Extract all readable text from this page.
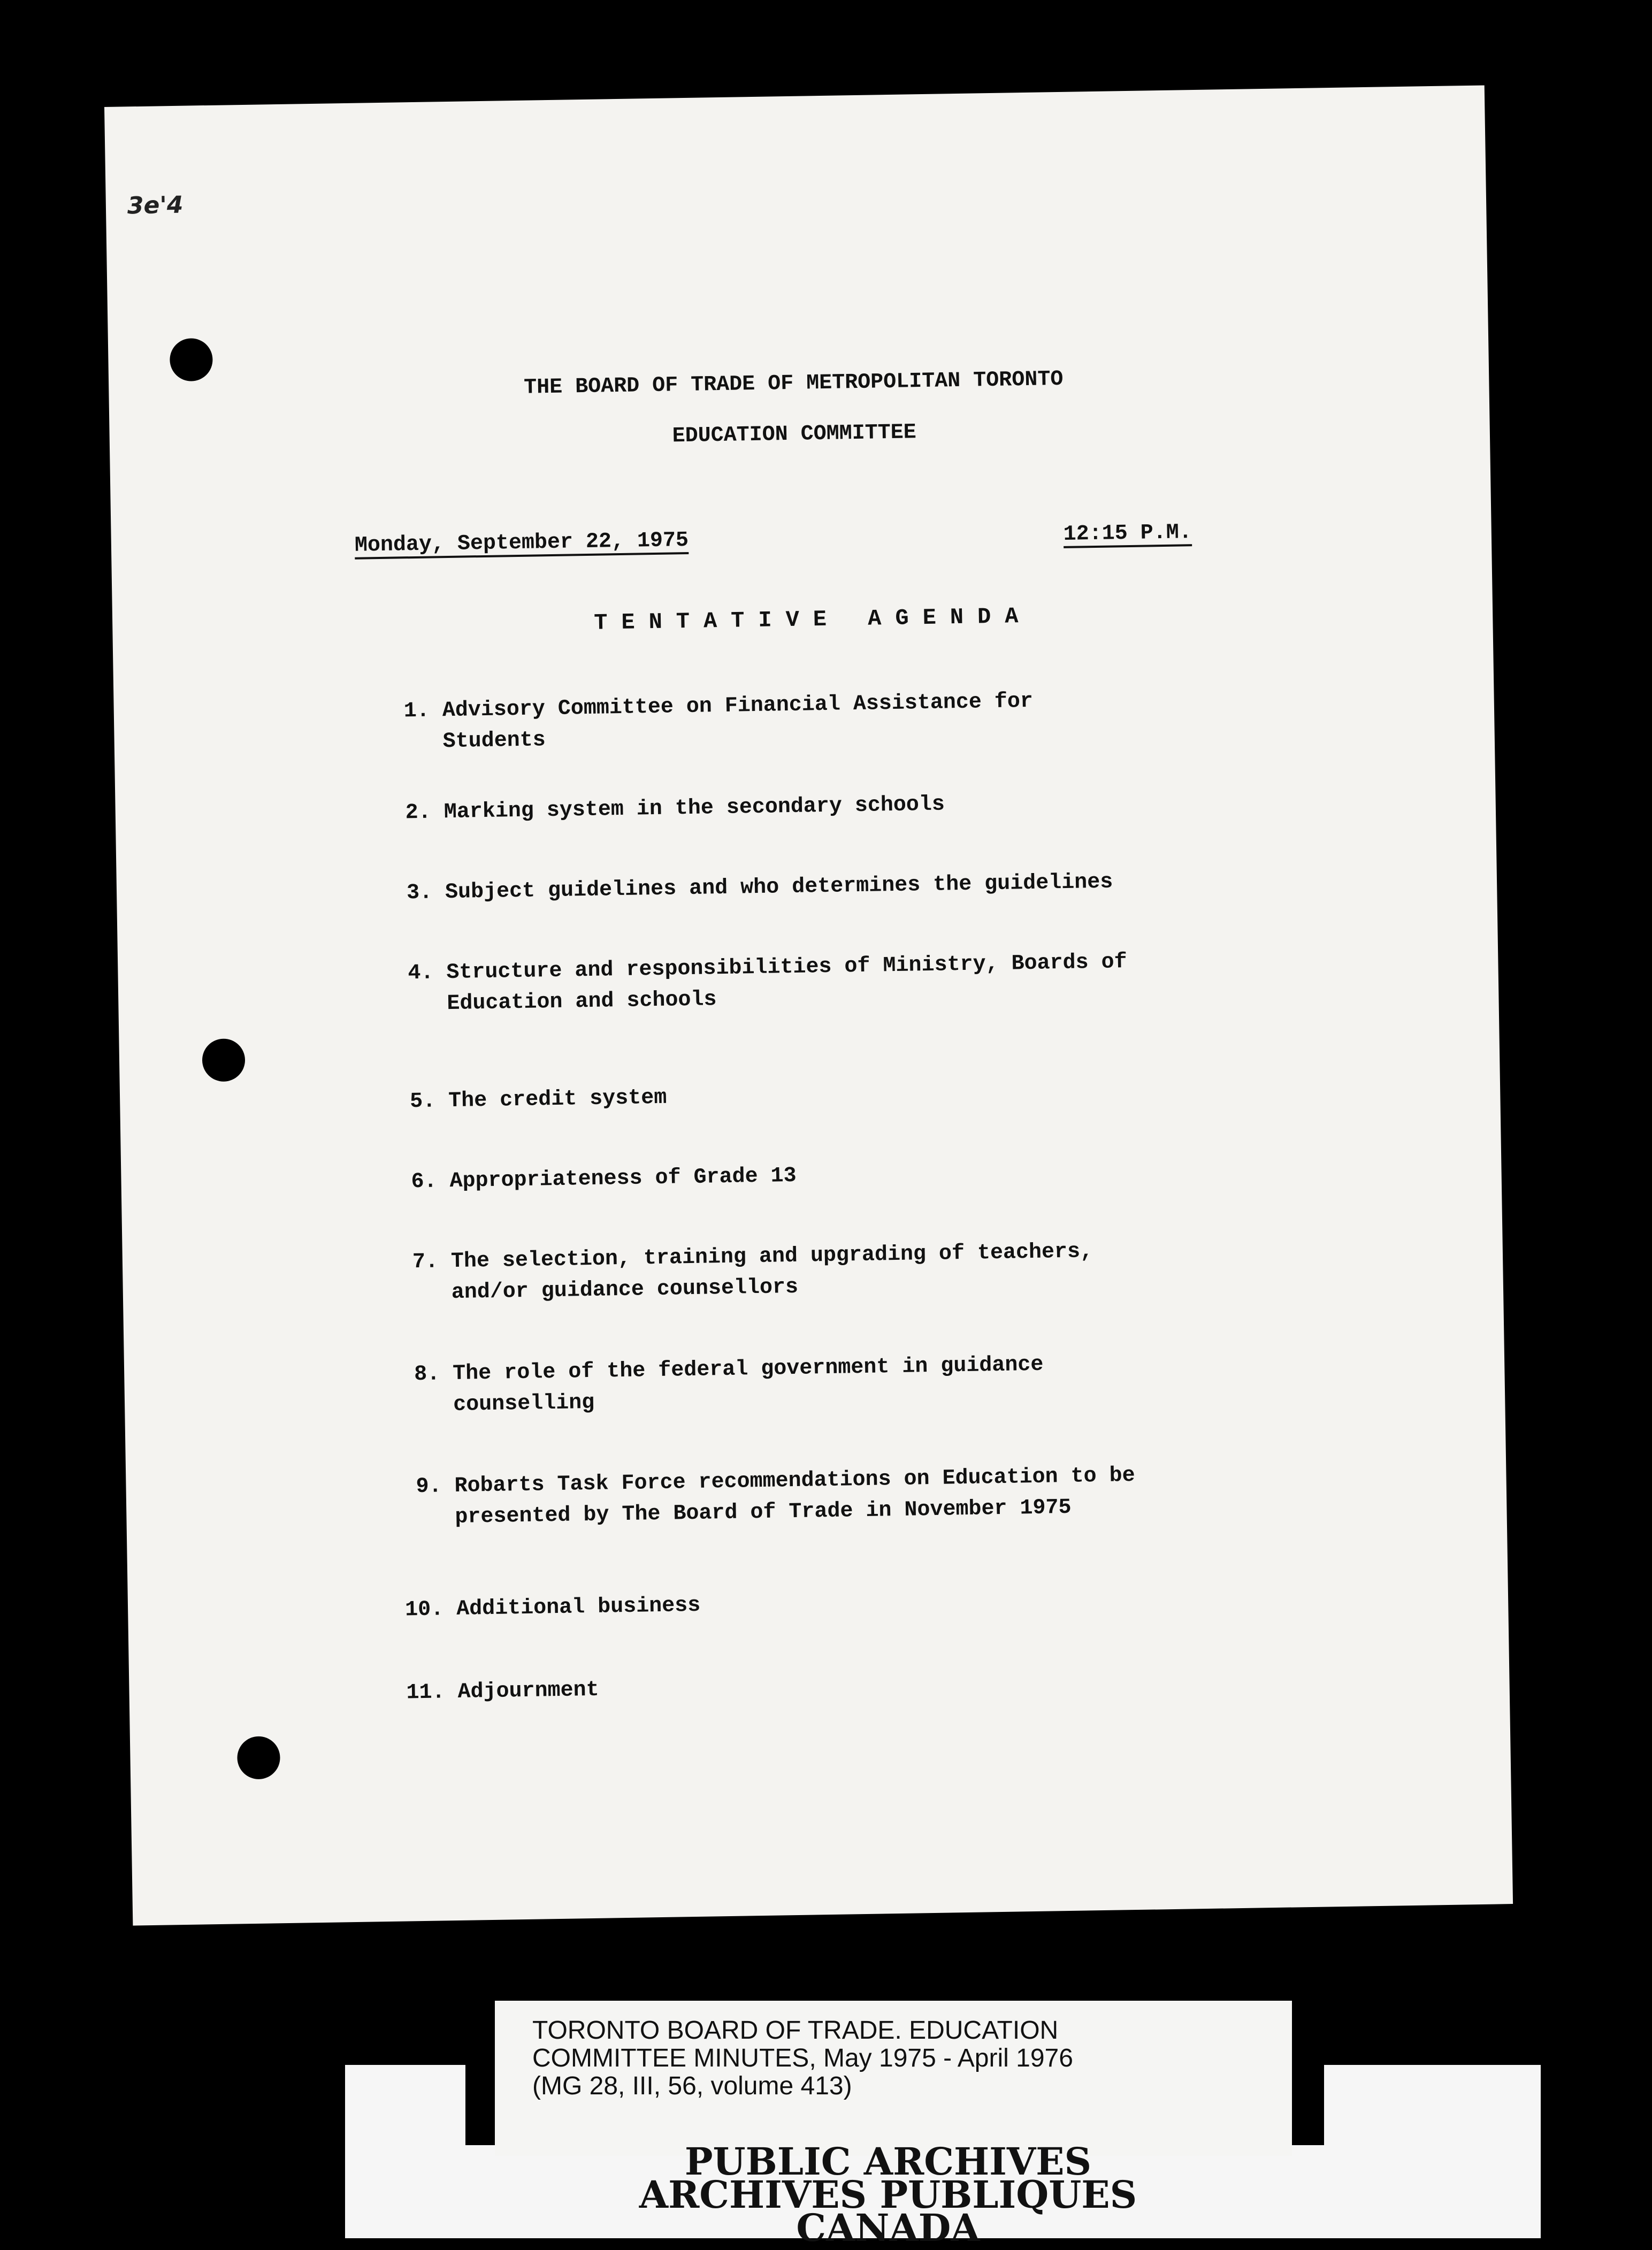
3e'4
THE BOARD OF TRADE OF METROPOLITAN TORONTO
EDUCATION COMMITTEE
Monday, September 22, 1975	12:15 P.M.
TENTATIVE AGENDA
1. Advisory Committee on Financial Assistance for Students
2. Marking system in the secondary schools
3. Subject guidelines and who determines the guidelines
4. Structure and responsibilities of Ministry, Boards of Education and schools
5. The credit system
6. Appropriateness of Grade 13
7. The selection, training and upgrading of teachers, and/or guidance counsellors
8. The role of the federal government in guidance counselling
9. Robarts Task Force recommendations on Education to be presented by The Board of Trade in November 1975
10. Additional business
11. Adjournment
TORONTO BOARD OF TRADE. EDUCATION
COMMITTEE MINUTES, May 1975 - April 1976
(MG 28, III, 56, volume 413)
PUBLIC ARCHIVES
ARCHIVES PUBLIQUES
CANADA
